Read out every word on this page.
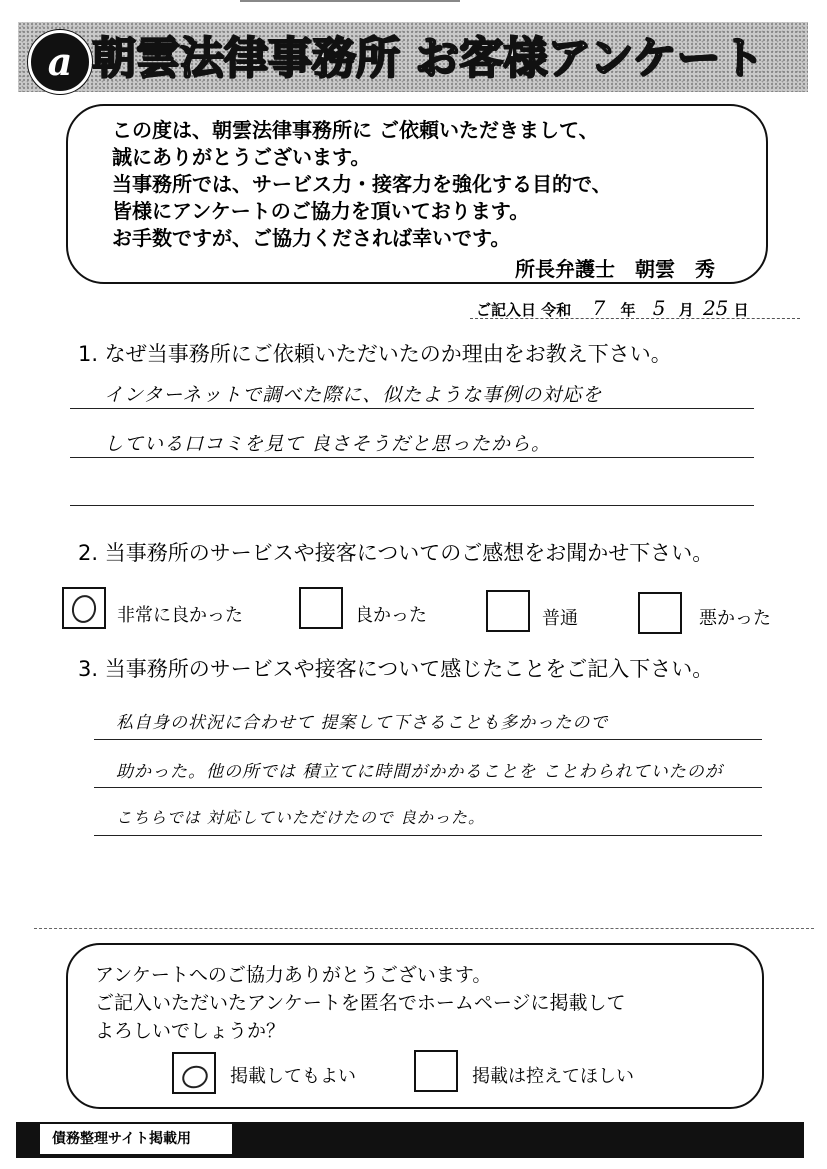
a 朝雲法律事務所 お客様アンケート
この度は、朝雲法律事務所に ご依頼いただきまして、
誠にありがとうございます。
当事務所では、サービス力・接客力を強化する目的で、
皆様にアンケートのご協力を頂いております。
お手数ですが、ご協力くだされば幸いです。
所長弁護士　朝雲　秀
ご記入日 令和 7 年 5 月 25 日
1. なぜ当事務所にご依頼いただいたのか理由をお教え下さい。
インターネットで調べた際に、似たような事例の対応を
している口コミを見て 良さそうだと思ったから。
2. 当事務所のサービスや接客についてのご感想をお聞かせ下さい。
非常に良かった	良かった	普通	悪かった
3. 当事務所のサービスや接客について感じたことをご記入下さい。
私自身の状況に合わせて 提案して下さることも多かったので
助かった。他の所では 積立てに時間がかかることを ことわられていたのが
こちらでは 対応していただけたので 良かった。
アンケートへのご協力ありがとうございます。
ご記入いただいたアンケートを匿名でホームページに掲載して
よろしいでしょうか？
掲載してもよい	掲載は控えてほしい
債務整理サイト掲載用
